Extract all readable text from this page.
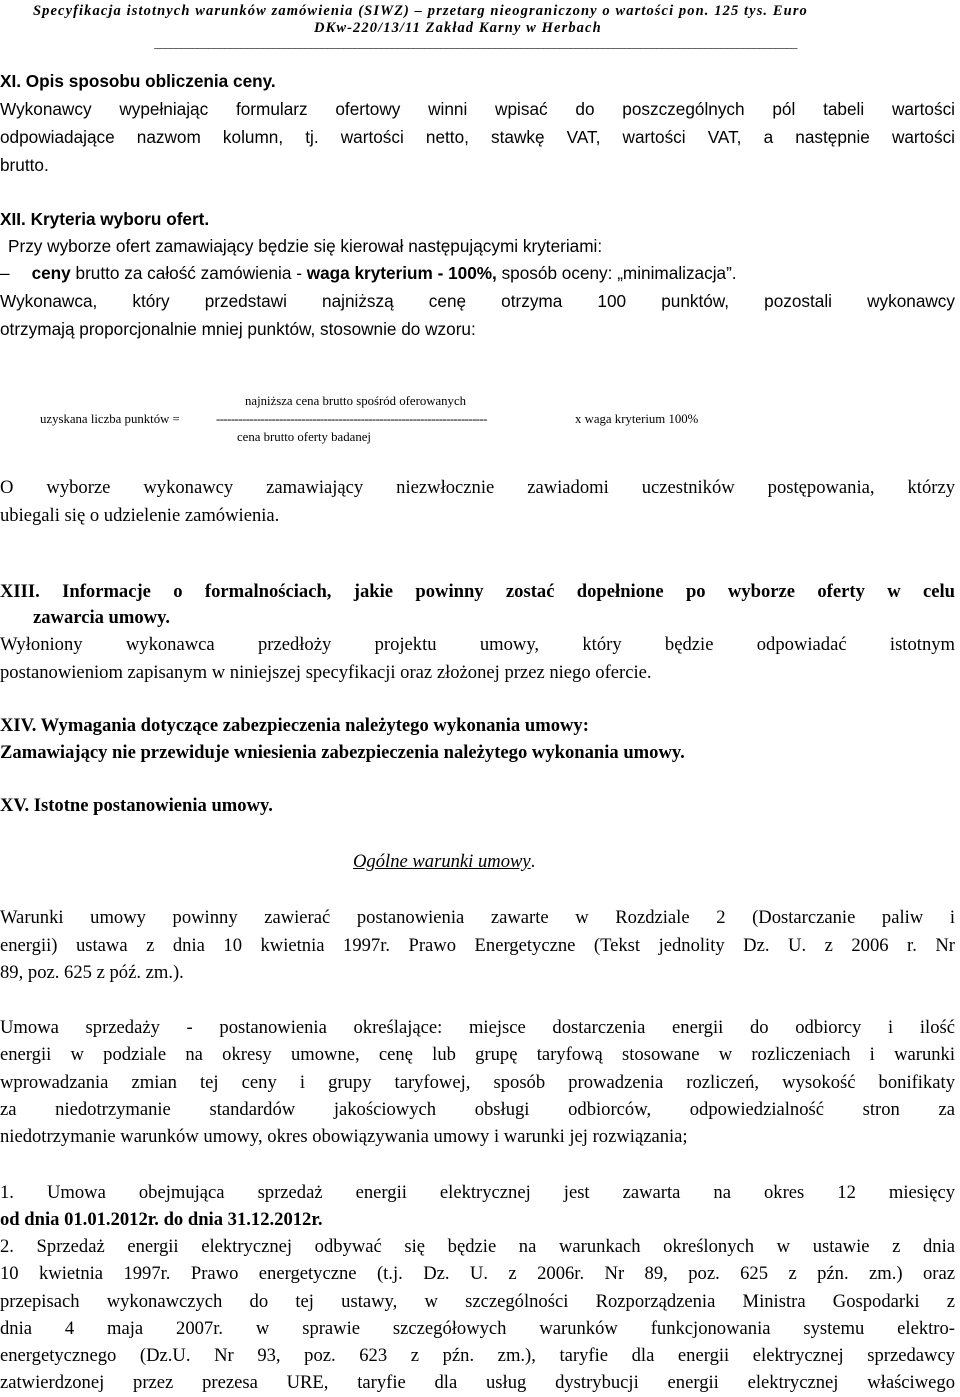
Specyfikacja istotnych warunków zamówienia (SIWZ) – przetarg nieograniczony o wartości pon. 125 tys. Euro
DKw-220/13/11 Zakład Karny w Herbach
_______________________________________________________________________________________________________________________
XI. Opis sposobu obliczenia ceny.
Wykonawcy wypełniając formularz ofertowy winni wpisać do poszczególnych pól tabeli wartości
odpowiadające nazwom kolumn, tj. wartości netto, stawkę VAT, wartości VAT, a następnie wartości
brutto.
XII. Kryteria wyboru ofert.
Przy wyborze ofert zamawiający będzie się kierował następującymi kryteriami:
– ceny brutto za całość zamówienia - waga kryterium - 100%, sposób oceny: „minimalizacja”.
Wykonawca, który przedstawi najniższą cenę otrzyma 100 punktów, pozostali wykonawcy
otrzymają proporcjonalnie mniej punktów, stosownie do wzoru:
najniższa cena brutto spośród oferowanych
uzyskana liczba punktów =	-------------------------------------------------------------------------	x waga kryterium 100%
cena brutto oferty badanej
O wyborze wykonawcy zamawiający niezwłocznie zawiadomi uczestników postępowania, którzy
ubiegali się o udzielenie zamówienia.
XIII. Informacje o formalnościach, jakie powinny zostać dopełnione po wyborze oferty w celu
zawarcia umowy.
Wyłoniony wykonawca przedłoży projektu umowy, który będzie odpowiadać istotnym
postanowieniom zapisanym w niniejszej specyfikacji oraz złożonej przez niego ofercie.
XIV. Wymagania dotyczące zabezpieczenia należytego wykonania umowy:
Zamawiający nie przewiduje wniesienia zabezpieczenia należytego wykonania umowy.
XV. Istotne postanowienia umowy.
Ogólne warunki umowy.
Warunki umowy powinny zawierać postanowienia zawarte w Rozdziale 2 (Dostarczanie paliw i
energii) ustawa z dnia 10 kwietnia 1997r. Prawo Energetyczne (Tekst jednolity Dz. U. z 2006 r. Nr
89, poz. 625 z póź. zm.).
Umowa sprzedaży - postanowienia określające: miejsce dostarczenia energii do odbiorcy i ilość
energii w podziale na okresy umowne, cenę lub grupę taryfową stosowane w rozliczeniach i warunki
wprowadzania zmian tej ceny i grupy taryfowej, sposób prowadzenia rozliczeń, wysokość bonifikaty
za niedotrzymanie standardów jakościowych obsługi odbiorców, odpowiedzialność stron za
niedotrzymanie warunków umowy, okres obowiązywania umowy i warunki jej rozwiązania;
1. Umowa obejmująca sprzedaż energii elektrycznej jest zawarta na okres 12 miesięcy
od dnia 01.01.2012r. do dnia 31.12.2012r.
2. Sprzedaż energii elektrycznej odbywać się będzie na warunkach określonych w ustawie z dnia
10 kwietnia 1997r. Prawo energetyczne (t.j. Dz. U. z 2006r. Nr 89, poz. 625 z pźn. zm.) oraz
przepisach wykonawczych do tej ustawy, w szczególności Rozporządzenia Ministra Gospodarki z
dnia 4 maja 2007r. w sprawie szczegółowych warunków funkcjonowania systemu elektro-
energetycznego (Dz.U. Nr 93, poz. 623 z pźn. zm.), taryfie dla energii elektrycznej sprzedawcy
zatwierdzonej przez prezesa URE, taryfie dla usług dystrybucji energii elektrycznej właściwego
